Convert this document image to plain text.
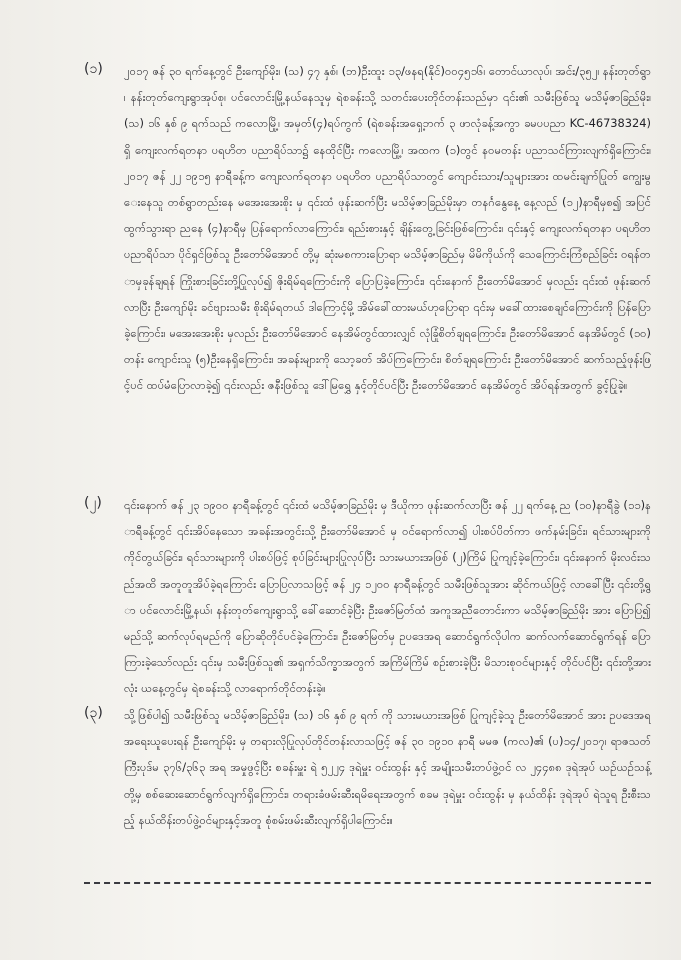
(၁)	၂၀၁၇ ဇန် ၃၀ ရက်နေ့တွင် ဦးကျော်မိုး၊ (သ) ၄၇ နှစ်၊ (ဘ)ဦးထူး ၁၃/ဖနရ(နိုင်)၀၀၄၅၁၆၊ တောင်ယာလုပ်၊ အင်း/၃၅၂၊ နန်းတုတ်ရွာ၊ နန်းတုတ်ကျေးရွာအုပ်စု၊ ပင်လောင်းမြို့နယ်နေသူမှ ရဲစခန်းသို့ သတင်းပေးတိုင်တန်းသည်မှာ ၎င်း၏ သမီးဖြစ်သူ မသိမ့်ဇာခြည်မိုး၊ (သ) ၁၆ နှစ် ၉ ရက်သည် ကလောမြို့၊ အမှတ်(၄)ရပ်ကွက် (ရဲစခန်းအရှေ့ဘက် ၃ ဖာလုံခန့်အကွာ ခမပပညာ KC-46738324)ရှိ ကျေးလက်ရတနာ ပရဟိတ ပညာရိပ်သာ၌ နေထိုင်ပြီး ကလောမြို့၊ အထက (၁)တွင် နဝမတန်း ပညာသင်ကြားလျက်ရှိကြောင်း၊ ၂၀၁၇ ဇန် ၂၂ ၁၉၁၅ နာရီခန့်က ကျေးလက်ရတနာ ပရဟိတ ပညာရိပ်သာတွင် ကျောင်းသား/သူများအား ထမင်းချက်ပြုတ် ကျွေးမွေးနေသူ တစ်ရွာတည်းနေ မအေးအေးစိုး မှ ၎င်းထံ ဖုန်းဆက်ပြီး မသိမ့်ဇာခြည်မိုးမှာ တနင်္ဂနွေနေ့ နေ့လည် (၁၂)နာရီမှစ၍ အပြင်ထွက်သွားရာ ညနေ (၄)နာရီမှ ပြန်ရောက်လာကြောင်း၊ ရည်းစားနှင့် ချိန်းတွေ့ခြင်းဖြစ်ကြောင်း၊ ၎င်းနှင့် ကျေးလက်ရတနာ ပရဟိတ ပညာရိပ်သာ ပိုင်ရှင်ဖြစ်သူ ဦးတော်မိအောင် တို့မှ ဆုံးမစကားပြောရာ မသိမ့်ဇာခြည်မှ မိမိကိုယ်ကို သေကြောင်းကြံစည်ခြင်း ဝရန်တာမှခုန်ချရန် ကြိုးစားခြင်းတို့ပြုလုပ်၍ ဇိုးရိမ်ရကြောင်းကို ပြောပြခဲ့ကြောင်း၊ ၎င်းနောက် ဦးတော်မိအောင် မှလည်း ၎င်းထံ ဖုန်းဆက်လာပြီး ဦးကျော်မိုး ခင်ဗျားသမီး စိုးရိမ်ရတယ် ဒါကြောင့်မို့ အိမ်ခေါ်ထားမယ်ဟုပြောရာ ၎င်းမှ မခေါ်ထားစေချင်ကြောင်းကို ပြန်ပြောခဲ့ကြောင်း၊ မအေးအေးစိုး မှလည်း ဦးတော်မိအောင် နေအိမ်တွင်ထားလျှင် လုံခြုံစိတ်ချရကြောင်း၊ ဦးတော်မိအောင် နေအိမ်တွင် (၁၀)တန်း ကျောင်းသူ (၅)ဦးနေရှိကြောင်း၊ အခန်းများကို သော့ခတ် အိပ်ကြကြောင်း၊ စိတ်ချရကြောင်း ဦးတော်မိအောင် ဆက်သည့်ဖုန်းဖြင့်ပင် ထပ်မံပြောလာခဲ့၍ ၎င်းလည်း ဇနီးဖြစ်သူ ဒေါ်မြရွှေ နှင့်တိုင်ပင်ပြီး ဦးတော်မိအောင် နေအိမ်တွင် အိပ်ရန်အတွက် ခွင့်ပြုခဲ့။
(၂)	၎င်းနောက် ဇန် ၂၃ ၁၉၀၀ နာရီခန့်တွင် ၎င်းထံ မသိမ့်ဇာခြည်မိုး မှ ဒီယိုကာ ဖုန်းဆက်လာပြီး ဇန် ၂၂ ရက်နေ့ ည (၁၀)နာရီခွဲ (၁၁)နာရီခန့်တွင် ၎င်းအိပ်နေသော အခန်းအတွင်းသို့ ဦးတော်မိအောင် မှ ဝင်ရောက်လာ၍ ပါးစပ်ပိတ်ကာ ဖက်နမ်းခြင်း၊ ရင်သားများကို ကိုင်တွယ်ခြင်း၊ ရင်သားများကို ပါးစပ်ဖြင့် စုပ်ခြင်းများပြုလုပ်ပြီး သားမယားအဖြစ် (၂)ကြိမ် ပြုကျင့်ခဲ့ကြောင်း၊ ၎င်းနောက် မိုးလင်းသည်အထိ အတူတူအိပ်ခဲ့ရကြောင်း ပြောပြလာသဖြင့် ဇန် ၂၄ ၁၂၀၀ နာရီခန့်တွင် သမီးဖြစ်သူအား ဆိုင်ကယ်ဖြင့် လာခေါ်ပြီး ၎င်းတို့ရွာ ပင်လောင်းမြို့နယ်၊ နန်းတုတ်ကျေးရွာသို့ ခေါ်ဆောင်ခဲ့ပြီး ဦးဇော်မြတ်ထံ အကူအညီတောင်းကာ မသိမ့်ဇာခြည်မိုး အား ပြောပြ၍ မည်သို့ ဆက်လုပ်ရမည်ကို ပြောဆိုတိုင်ပင်ခဲ့ကြောင်း၊ ဦးဇော်မြတ်မှ ဥပဒေအရ ဆောင်ရွက်လိုပါက ဆက်လက်ဆောင်ရွက်ရန် ပြောကြားခဲ့သော်လည်း ၎င်းမှ သမီးဖြစ်သူ၏ အရှက်သိက္ခာအတွက် အကြိမ်ကြိမ် စဉ်းစားခဲ့ပြီး မိသားစုဝင်များနှင့် တိုင်ပင်ပြီး ၎င်းတို့အားလုံး ယနေ့တွင်မှ ရဲစခန်းသို့ လာရောက်တိုင်တန်းခဲ့။
(၃)	သို့ဖြစ်ပါ၍ သမီးဖြစ်သူ မသိမ့်ဇာခြည်မိုး၊ (သ) ၁၆ နှစ် ၉ ရက် ကို သားမယားအဖြစ် ပြုကျင့်ခဲ့သူ ဦးတော်မိအောင် အား ဥပဒေအရအရေးယူပေးရန် ဦးကျော်မိုး မှ တရားလိုပြုလုပ်တိုင်တန်းလာသဖြင့် ဇန် ၃၀ ၁၉၁၀ နာရီ မမဇ (ကလ)၏ (ပ)၁၄/၂၀၁၇၊ ရာဇသတ်ကြီးပုဒ်မ ၃၇၆/၃၆၃ အရ အမှုဖွင့်ပြီး စခန်းမှူး ရဲ ၅၂၂၄ ဒုရဲမှူး ဝင်းထွန်း နှင့် အမျိုးသမီးတပ်ဖွဲ့ဝင် လ ၂၄၄၈၈ ဒုရဲအုပ် ယဉ်ယဉ်သန့် တို့မှ စစ်ဆေးဆောင်ရွက်လျက်ရှိကြောင်း၊ တရားခံဖမ်းဆီးရမိရေးအတွက် စခမ ဒုရဲမှူး ဝင်းထွန်း မှ နယ်ထိန်း ဒုရဲအုပ် ရဲသူရ ဦးစီးသည့် နယ်ထိန်းတပ်ဖွဲ့ဝင်များနှင့်အတူ စုံစမ်းဖမ်းဆီးလျက်ရှိပါကြောင်း။
